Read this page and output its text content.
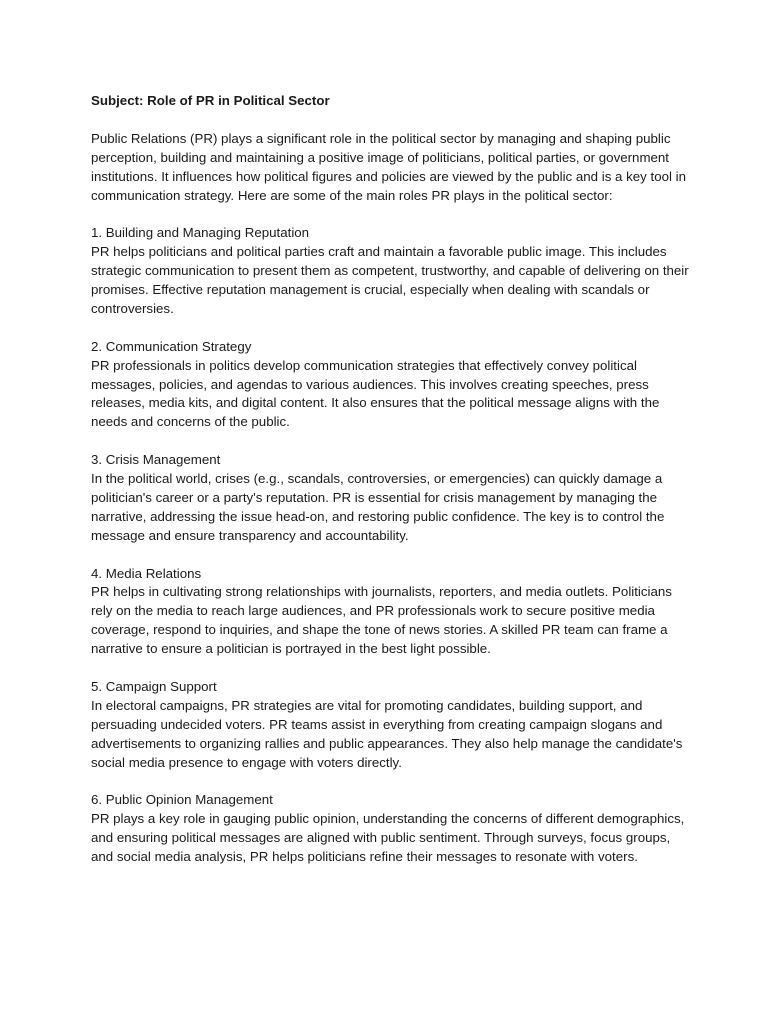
Subject: Role of PR in Political Sector

Public Relations (PR) plays a significant role in the political sector by managing and shaping public perception, building and maintaining a positive image of politicians, political parties, or government institutions. It influences how political figures and policies are viewed by the public and is a key tool in communication strategy. Here are some of the main roles PR plays in the political sector:

1. Building and Managing Reputation

PR helps politicians and political parties craft and maintain a favorable public image. This includes strategic communication to present them as competent, trustworthy, and capable of delivering on their promises. Effective reputation management is crucial, especially when dealing with scandals or controversies.

2. Communication Strategy

PR professionals in politics develop communication strategies that effectively convey political messages, policies, and agendas to various audiences. This involves creating speeches, press releases, media kits, and digital content. It also ensures that the political message aligns with the needs and concerns of the public.

3. Crisis Management

In the political world, crises (e.g., scandals, controversies, or emergencies) can quickly damage a politician's career or a party's reputation. PR is essential for crisis management by managing the narrative, addressing the issue head-on, and restoring public confidence. The key is to control the message and ensure transparency and accountability.

4. Media Relations

PR helps in cultivating strong relationships with journalists, reporters, and media outlets. Politicians rely on the media to reach large audiences, and PR professionals work to secure positive media coverage, respond to inquiries, and shape the tone of news stories. A skilled PR team can frame a narrative to ensure a politician is portrayed in the best light possible.

5. Campaign Support

In electoral campaigns, PR strategies are vital for promoting candidates, building support, and persuading undecided voters. PR teams assist in everything from creating campaign slogans and advertisements to organizing rallies and public appearances. They also help manage the candidate's social media presence to engage with voters directly.

6. Public Opinion Management

PR plays a key role in gauging public opinion, understanding the concerns of different demographics, and ensuring political messages are aligned with public sentiment. Through surveys, focus groups, and social media analysis, PR helps politicians refine their messages to resonate with voters.
